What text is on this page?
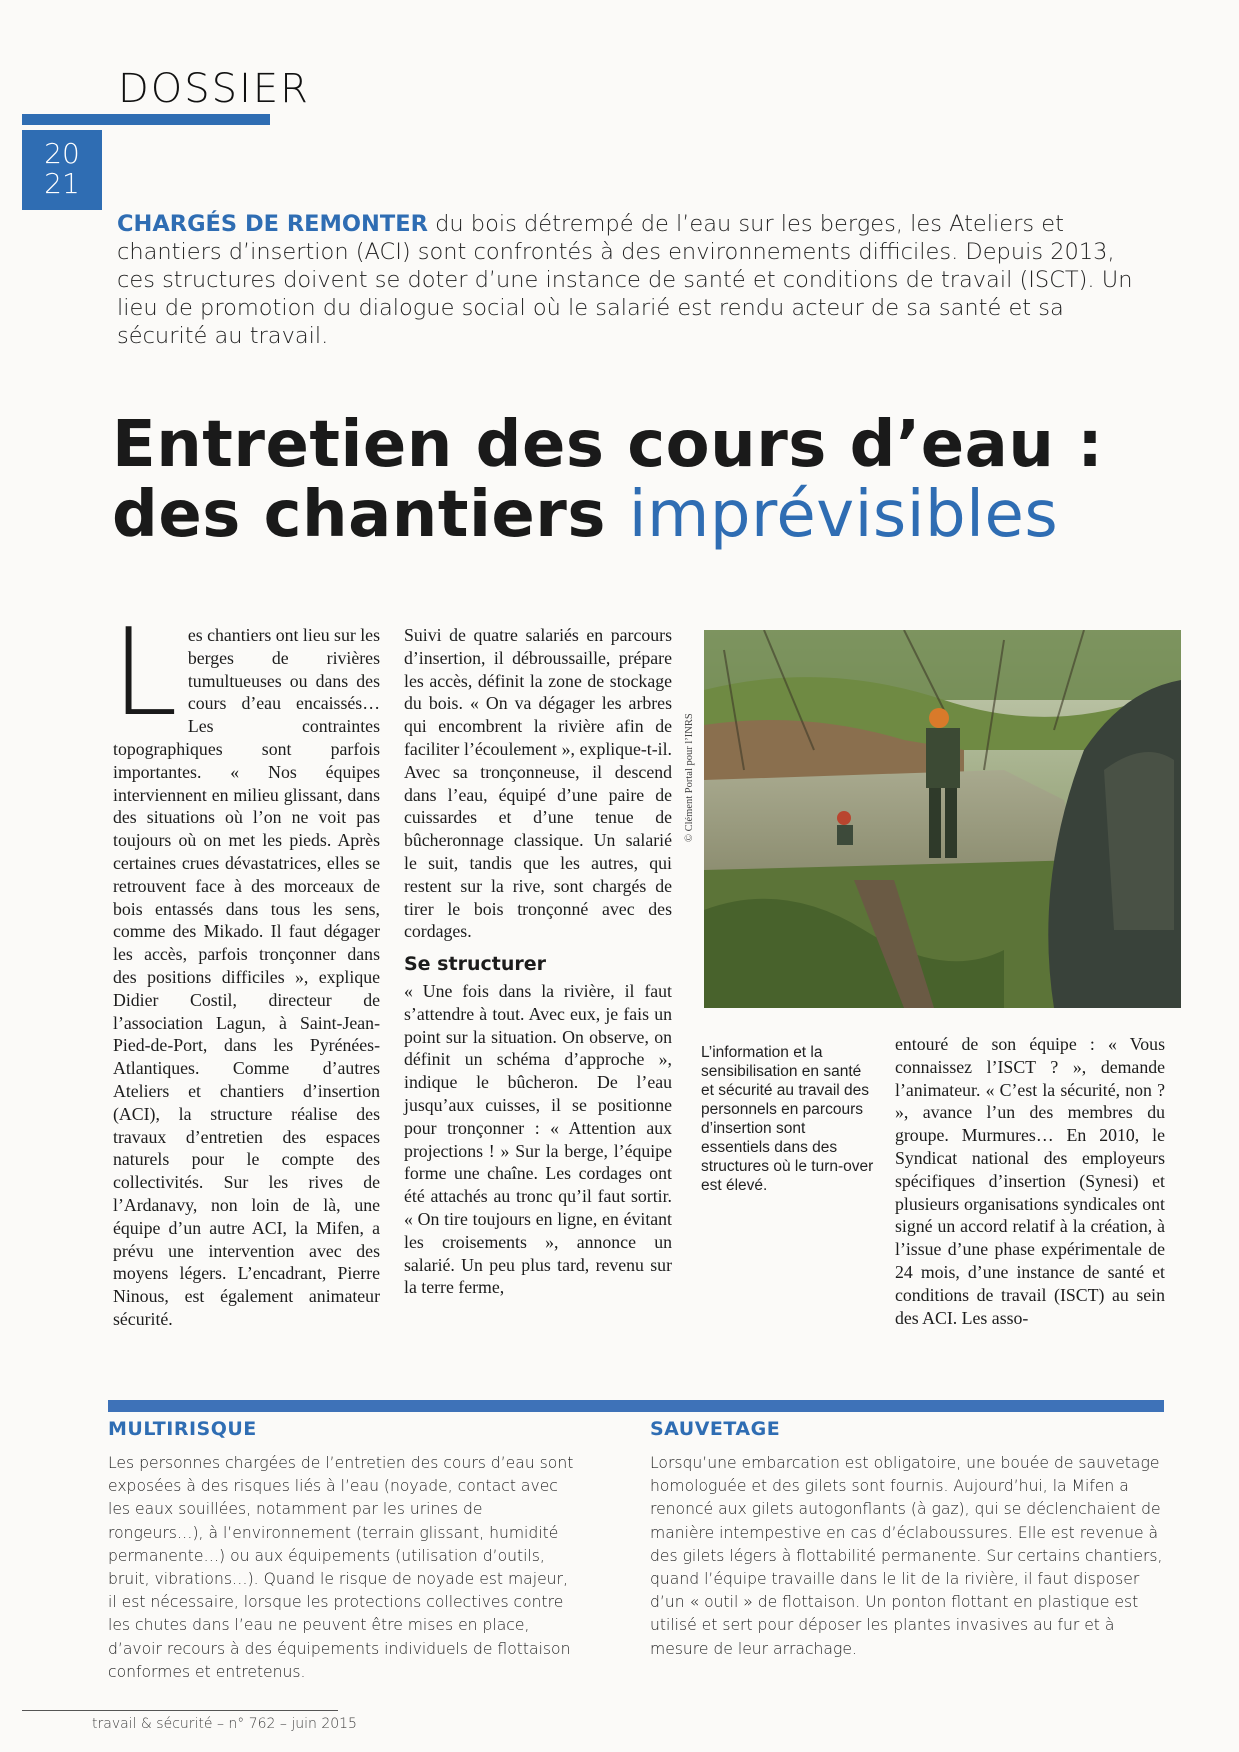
DOSSIER
20
21
CHARGÉS DE REMONTER du bois détrempé de l’eau sur les berges, les Ateliers et chantiers d’insertion (ACI) sont confrontés à des environnements difficiles. Depuis 2013, ces structures doivent se doter d’une instance de santé et conditions de travail (ISCT). Un lieu de promotion du dialogue social où le salarié est rendu acteur de sa santé et sa sécurité au travail.
Entretien des cours d’eau :
des chantiers imprévisibles
L es chantiers ont lieu sur les berges de rivières tumultueuses ou dans des cours d’eau encaissés… Les contraintes topographiques sont parfois importantes. « Nos équipes interviennent en milieu glissant, dans des situations où l’on ne voit pas toujours où on met les pieds. Après certaines crues dévastatrices, elles se retrouvent face à des morceaux de bois entassés dans tous les sens, comme des Mikado. Il faut dégager les accès, parfois tronçonner dans des positions difficiles », explique Didier Costil, directeur de l’association Lagun, à Saint-Jean-Pied-de-Port, dans les Pyrénées-Atlantiques. Comme d’autres Ateliers et chantiers d’insertion (ACI), la structure réalise des travaux d’entretien des espaces naturels pour le compte des collectivités. Sur les rives de l’Ardanavy, non loin de là, une équipe d’un autre ACI, la Mifen, a prévu une intervention avec des moyens légers. L’encadrant, Pierre Ninous, est également animateur sécurité.

Suivi de quatre salariés en parcours d’insertion, il débroussaille, prépare les accès, définit la zone de stockage du bois. « On va dégager les arbres qui encombrent la rivière afin de faciliter l’écoulement », explique-t-il. Avec sa tronçonneuse, il descend dans l’eau, équipé d’une paire de cuissardes et d’une tenue de bûcheronnage classique. Un salarié le suit, tandis que les autres, qui restent sur la rive, sont chargés de tirer le bois tronçonné avec des cordages.

Se structurer

« Une fois dans la rivière, il faut s’attendre à tout. Avec eux, je fais un point sur la situation. On observe, on définit un schéma d’approche », indique le bûcheron. De l’eau jusqu’aux cuisses, il se positionne pour tronçonner : « Attention aux projections ! » Sur la berge, l’équipe forme une chaîne. Les cordages ont été attachés au tronc qu’il faut sortir. « On tire toujours en ligne, en évitant les croisements », annonce un salarié. Un peu plus tard, revenu sur la terre ferme,

© Clément Portal pour l’INRS
L’information et la sensibilisation en santé et sécurité au travail des personnels en parcours d’insertion sont essentiels dans des structures où le turn-over est élevé.

entouré de son équipe : « Vous connaissez l’ISCT ? », demande l’animateur. « C’est la sécurité, non ? », avance l’un des membres du groupe. Murmures… En 2010, le Syndicat national des employeurs spécifiques d’insertion (Synesi) et plusieurs organisations syndicales ont signé un accord relatif à la création, à l’issue d’une phase expérimentale de 24 mois, d’une instance de santé et conditions de travail (ISCT) au sein des ACI. Les asso-

MULTIRISQUE
Les personnes chargées de l’entretien des cours d’eau sont exposées à des risques liés à l’eau (noyade, contact avec les eaux souillées, notamment par les urines de rongeurs…), à l’environnement (terrain glissant, humidité permanente…) ou aux équipements (utilisation d’outils, bruit, vibrations…). Quand le risque de noyade est majeur, il est nécessaire, lorsque les protections collectives contre les chutes dans l’eau ne peuvent être mises en place, d’avoir recours à des équipements individuels de flottaison conformes et entretenus.
SAUVETAGE
Lorsqu’une embarcation est obligatoire, une bouée de sauvetage homologuée et des gilets sont fournis. Aujourd’hui, la Mifen a renoncé aux gilets autogonflants (à gaz), qui se déclenchaient de manière intempestive en cas d’éclaboussures. Elle est revenue à des gilets légers à flottabilité permanente. Sur certains chantiers, quand l’équipe travaille dans le lit de la rivière, il faut disposer d’un « outil » de flottaison. Un ponton flottant en plastique est utilisé et sert pour déposer les plantes invasives au fur et à mesure de leur arrachage.
travail & sécurité – n° 762 – juin 2015
